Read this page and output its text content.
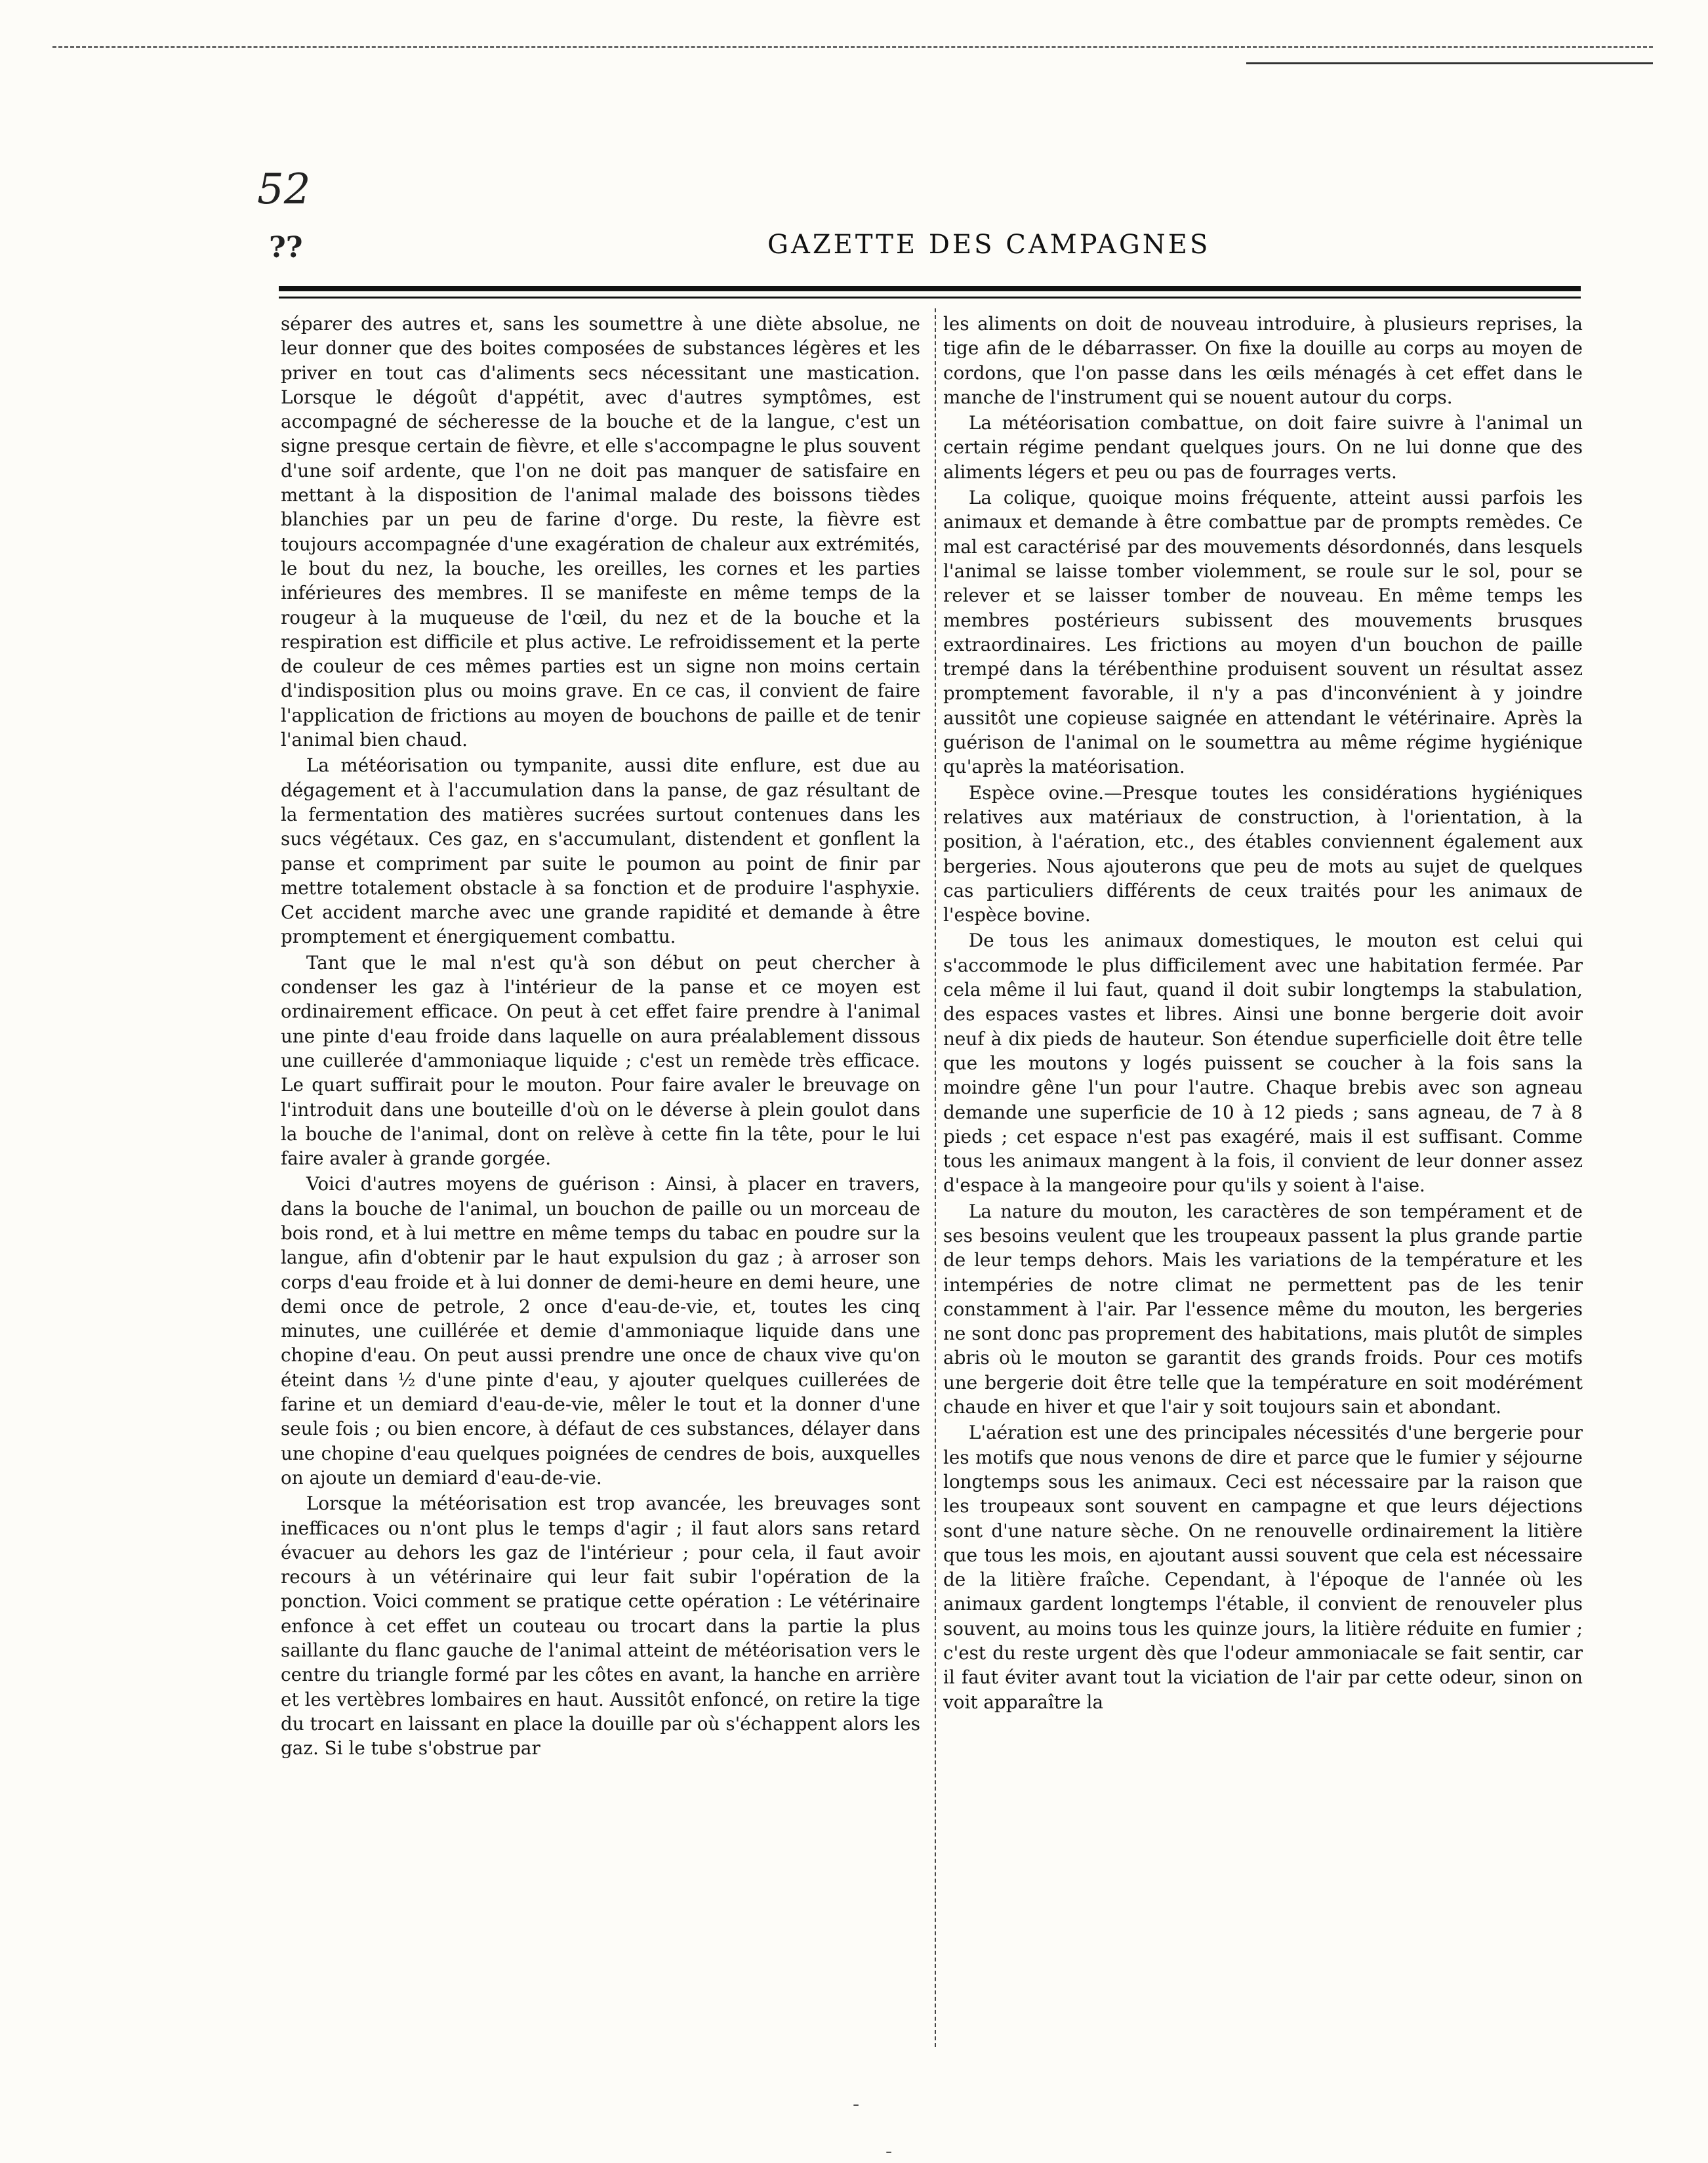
52
??	GAZETTE DES CAMPAGNES

séparer des autres et, sans les soumettre à une diète absolue, ne leur donner que des boites composées de substances légères et les priver en tout cas d'aliments secs nécessitant une mastication. Lorsque le dégoût d'appétit, avec d'autres symptômes, est accompagné de sécheresse de la bouche et de la langue, c'est un signe presque certain de fièvre, et elle s'accompagne le plus souvent d'une soif ardente, que l'on ne doit pas manquer de satisfaire en mettant à la disposition de l'animal malade des boissons tièdes blanchies par un peu de farine d'orge. Du reste, la fièvre est toujours accompagnée d'une exagération de chaleur aux extrémités, le bout du nez, la bouche, les oreilles, les cornes et les parties inférieures des membres. Il se manifeste en même temps de la rougeur à la muqueuse de l'œil, du nez et de la bouche et la respiration est difficile et plus active. Le refroidissement et la perte de couleur de ces mêmes parties est un signe non moins certain d'indisposition plus ou moins grave. En ce cas, il convient de faire l'application de frictions au moyen de bouchons de paille et de tenir l'animal bien chaud.

La météorisation ou tympanite, aussi dite enflure, est due au dégagement et à l'accumulation dans la panse, de gaz résultant de la fermentation des matières sucrées surtout contenues dans les sucs végétaux. Ces gaz, en s'accumulant, distendent et gonflent la panse et compriment par suite le poumon au point de finir par mettre totalement obstacle à sa fonction et de produire l'asphyxie. Cet accident marche avec une grande rapidité et demande à être promptement et énergiquement combattu.

Tant que le mal n'est qu'à son début on peut chercher à condenser les gaz à l'intérieur de la panse et ce moyen est ordinairement efficace. On peut à cet effet faire prendre à l'animal une pinte d'eau froide dans laquelle on aura préalablement dissous une cuillerée d'ammoniaque liquide ; c'est un remède très efficace. Le quart suffirait pour le mouton. Pour faire avaler le breuvage on l'introduit dans une bouteille d'où on le déverse à plein goulot dans la bouche de l'animal, dont on relève à cette fin la tête, pour le lui faire avaler à grande gorgée.

Voici d'autres moyens de guérison : Ainsi, à placer en travers, dans la bouche de l'animal, un bouchon de paille ou un morceau de bois rond, et à lui mettre en même temps du tabac en poudre sur la langue, afin d'obtenir par le haut expulsion du gaz ; à arroser son corps d'eau froide et à lui donner de demi-heure en demi heure, une demi once de petrole, 2 once d'eau-de-vie, et, toutes les cinq minutes, une cuillérée et demie d'ammoniaque liquide dans une chopine d'eau. On peut aussi prendre une once de chaux vive qu'on éteint dans ½ d'une pinte d'eau, y ajouter quelques cuillerées de farine et un demiard d'eau-de-vie, mêler le tout et la donner d'une seule fois ; ou bien encore, à défaut de ces substances, délayer dans une chopine d'eau quelques poignées de cendres de bois, auxquelles on ajoute un demiard d'eau-de-vie.

Lorsque la météorisation est trop avancée, les breuvages sont inefficaces ou n'ont plus le temps d'agir ; il faut alors sans retard évacuer au dehors les gaz de l'intérieur ; pour cela, il faut avoir recours à un vétérinaire qui leur fait subir l'opération de la ponction. Voici comment se pratique cette opération : Le vétérinaire enfonce à cet effet un couteau ou trocart dans la partie la plus saillante du flanc gauche de l'animal atteint de météorisation vers le centre du triangle formé par les côtes en avant, la hanche en arrière et les vertèbres lombaires en haut. Aussitôt enfoncé, on retire la tige du trocart en laissant en place la douille par où s'échappent alors les gaz. Si le tube s'obstrue par

les aliments on doit de nouveau introduire, à plusieurs reprises, la tige afin de le débarrasser. On fixe la douille au corps au moyen de cordons, que l'on passe dans les œils ménagés à cet effet dans le manche de l'instrument qui se nouent autour du corps.

La météorisation combattue, on doit faire suivre à l'animal un certain régime pendant quelques jours. On ne lui donne que des aliments légers et peu ou pas de fourrages verts.

La colique, quoique moins fréquente, atteint aussi parfois les animaux et demande à être combattue par de prompts remèdes. Ce mal est caractérisé par des mouvements désordonnés, dans lesquels l'animal se laisse tomber violemment, se roule sur le sol, pour se relever et se laisser tomber de nouveau. En même temps les membres postérieurs subissent des mouvements brusques extraordinaires. Les frictions au moyen d'un bouchon de paille trempé dans la térébenthine produisent souvent un résultat assez promptement favorable, il n'y a pas d'inconvénient à y joindre aussitôt une copieuse saignée en attendant le vétérinaire. Après la guérison de l'animal on le soumettra au même régime hygiénique qu'après la matéorisation.

Espèce ovine.—Presque toutes les considérations hygiéniques relatives aux matériaux de construction, à l'orientation, à la position, à l'aération, etc., des étables conviennent également aux bergeries. Nous ajouterons que peu de mots au sujet de quelques cas particuliers différents de ceux traités pour les animaux de l'espèce bovine.

De tous les animaux domestiques, le mouton est celui qui s'accommode le plus difficilement avec une habitation fermée. Par cela même il lui faut, quand il doit subir longtemps la stabulation, des espaces vastes et libres. Ainsi une bonne bergerie doit avoir neuf à dix pieds de hauteur. Son étendue superficielle doit être telle que les moutons y logés puissent se coucher à la fois sans la moindre gêne l'un pour l'autre. Chaque brebis avec son agneau demande une superficie de 10 à 12 pieds ; sans agneau, de 7 à 8 pieds ; cet espace n'est pas exagéré, mais il est suffisant. Comme tous les animaux mangent à la fois, il convient de leur donner assez d'espace à la mangeoire pour qu'ils y soient à l'aise.

La nature du mouton, les caractères de son tempérament et de ses besoins veulent que les troupeaux passent la plus grande partie de leur temps dehors. Mais les variations de la température et les intempéries de notre climat ne permettent pas de les tenir constamment à l'air. Par l'essence même du mouton, les bergeries ne sont donc pas proprement des habitations, mais plutôt de simples abris où le mouton se garantit des grands froids. Pour ces motifs une bergerie doit être telle que la température en soit modérément chaude en hiver et que l'air y soit toujours sain et abondant.

L'aération est une des principales nécessités d'une bergerie pour les motifs que nous venons de dire et parce que le fumier y séjourne longtemps sous les animaux. Ceci est nécessaire par la raison que les troupeaux sont souvent en campagne et que leurs déjections sont d'une nature sèche. On ne renouvelle ordinairement la litière que tous les mois, en ajoutant aussi souvent que cela est nécessaire de la litière fraîche. Cependant, à l'époque de l'année où les animaux gardent longtemps l'étable, il convient de renouveler plus souvent, au moins tous les quinze jours, la litière réduite en fumier ; c'est du reste urgent dès que l'odeur ammoniacale se fait sentir, car il faut éviter avant tout la viciation de l'air par cette odeur, sinon on voit apparaître la

-
-
